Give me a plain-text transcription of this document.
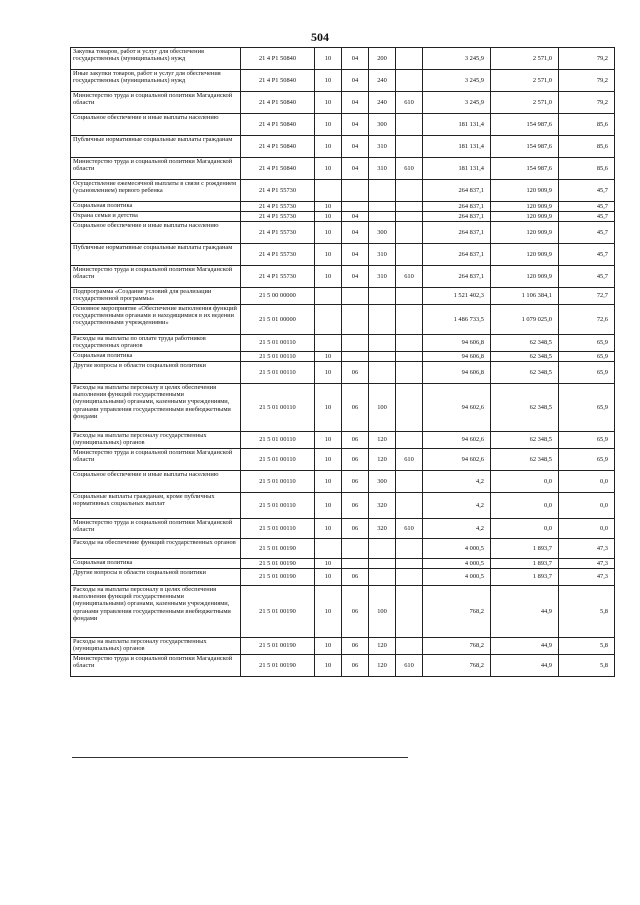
504
Закупка товаров, работ и услуг для обеспечения государственных (муниципальных) нужд	21 4 P1 50840	10	04	200		3 245,9	2 571,0	79,2
Иные закупки товаров, работ и услуг для обеспечения государственных (муниципальных) нужд	21 4 P1 50840	10	04	240		3 245,9	2 571,0	79,2
Министерство труда и социальной политики Магаданской области	21 4 P1 50840	10	04	240	610	3 245,9	2 571,0	79,2
Социальное обеспечение и иные выплаты населению	21 4 P1 50840	10	04	300		181 131,4	154 987,6	85,6
Публичные нормативные социальные выплаты гражданам	21 4 P1 50840	10	04	310		181 131,4	154 987,6	85,6
Министерство труда и социальной политики Магаданской области	21 4 P1 50840	10	04	310	610	181 131,4	154 987,6	85,6
Осуществление ежемесячной выплаты в связи с рождением (усыновлением) первого ребенка	21 4 P1 55730					264 837,1	120 909,9	45,7
Социальная политика	21 4 P1 55730	10				264 837,1	120 909,9	45,7
Охрана семьи и детства	21 4 P1 55730	10	04			264 837,1	120 909,9	45,7
Социальное обеспечение и иные выплаты населению	21 4 P1 55730	10	04	300		264 837,1	120 909,9	45,7
Публичные нормативные социальные выплаты гражданам	21 4 P1 55730	10	04	310		264 837,1	120 909,9	45,7
Министерство труда и социальной политики Магаданской области	21 4 P1 55730	10	04	310	610	264 837,1	120 909,9	45,7
Подпрограмма «Создание условий для реализации государственной программы»	21 5 00 00000					1 521 402,3	1 106 384,1	72,7
Основное мероприятие «Обеспечение выполнения функций государственными органами и находящимися в их ведении государственными учреждениями»	21 5 01 00000					1 486 733,5	1 079 025,0	72,6
Расходы на выплаты по оплате труда работников государственных органов	21 5 01 00110					94 606,8	62 348,5	65,9
Социальная политика	21 5 01 00110	10				94 606,8	62 348,5	65,9
Другие вопросы в области социальной политики	21 5 01 00110	10	06			94 606,8	62 348,5	65,9
Расходы на выплаты персоналу в целях обеспечения выполнения функций государственными (муниципальными) органами, казенными учреждениями, органами управления государственными внебюджетными фондами	21 5 01 00110	10	06	100		94 602,6	62 348,5	65,9
Расходы на выплаты персоналу государственных (муниципальных) органов	21 5 01 00110	10	06	120		94 602,6	62 348,5	65,9
Министерство труда и социальной политики Магаданской области	21 5 01 00110	10	06	120	610	94 602,6	62 348,5	65,9
Социальное обеспечение и иные выплаты населению	21 5 01 00110	10	06	300		4,2	0,0	0,0
Социальные выплаты гражданам, кроме публичных нормативных социальных выплат	21 5 01 00110	10	06	320		4,2	0,0	0,0
Министерство труда и социальной политики Магаданской области	21 5 01 00110	10	06	320	610	4,2	0,0	0,0
Расходы на обеспечение функций государственных органов	21 5 01 00190					4 000,5	1 893,7	47,3
Социальная политика	21 5 01 00190	10				4 000,5	1 893,7	47,3
Другие вопросы в области социальной политики	21 5 01 00190	10	06			4 000,5	1 893,7	47,3
Расходы на выплаты персоналу в целях обеспечения выполнения функций государственными (муниципальными) органами, казенными учреждениями, органами управления государственными внебюджетными фондами	21 5 01 00190	10	06	100		768,2	44,9	5,8
Расходы на выплаты персоналу государственных (муниципальных) органов	21 5 01 00190	10	06	120		768,2	44,9	5,8
Министерство труда и социальной политики Магаданской области	21 5 01 00190	10	06	120	610	768,2	44,9	5,8
